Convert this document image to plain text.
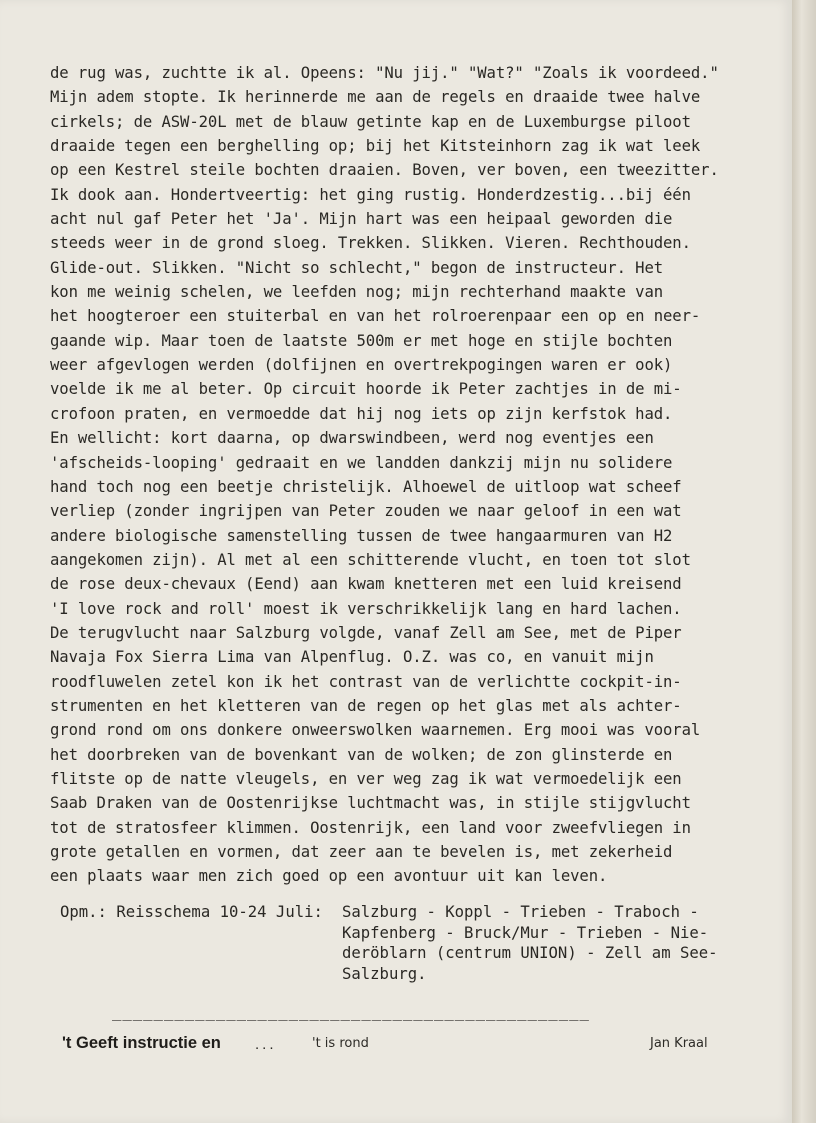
de rug was, zuchtte ik al. Opeens: "Nu jij." "Wat?" "Zoals ik voordeed."
Mijn adem stopte. Ik herinnerde me aan de regels en draaide twee halve
cirkels; de ASW-20L met de blauw getinte kap en de Luxemburgse piloot
draaide tegen een berghelling op; bij het Kitsteinhorn zag ik wat leek
op een Kestrel steile bochten draaien. Boven, ver boven, een tweezitter.
Ik dook aan. Hondertveertig: het ging rustig. Honderdzestig...bij één
acht nul gaf Peter het 'Ja'. Mijn hart was een heipaal geworden die
steeds weer in de grond sloeg. Trekken. Slikken. Vieren. Rechthouden.
Glide-out. Slikken. "Nicht so schlecht," begon de instructeur. Het
kon me weinig schelen, we leefden nog; mijn rechterhand maakte van
het hoogteroer een stuiterbal en van het rolroerenpaar een op en neer-
gaande wip. Maar toen de laatste 500m er met hoge en stijle bochten
weer afgevlogen werden (dolfijnen en overtrekpogingen waren er ook)
voelde ik me al beter. Op circuit hoorde ik Peter zachtjes in de mi-
crofoon praten, en vermoedde dat hij nog iets op zijn kerfstok had.
En wellicht: kort daarna, op dwarswindbeen, werd nog eventjes een
'afscheids-looping' gedraait en we landden dankzij mijn nu solidere
hand toch nog een beetje christelijk. Alhoewel de uitloop wat scheef
verliep (zonder ingrijpen van Peter zouden we naar geloof in een wat
andere biologische samenstelling tussen de twee hangaarmuren van H2
aangekomen zijn). Al met al een schitterende vlucht, en toen tot slot
de rose deux-chevaux (Eend) aan kwam knetteren met een luid kreisend
'I love rock and roll' moest ik verschrikkelijk lang en hard lachen.
De terugvlucht naar Salzburg volgde, vanaf Zell am See, met de Piper
Navaja Fox Sierra Lima van Alpenflug. O.Z. was co, en vanuit mijn
roodfluwelen zetel kon ik het contrast van de verlichtte cockpit-in-
strumenten en het kletteren van de regen op het glas met als achter-
grond rond om ons donkere onweerswolken waarnemen. Erg mooi was vooral
het doorbreken van de bovenkant van de wolken; de zon glinsterde en
flitste op de natte vleugels, en ver weg zag ik wat vermoedelijk een
Saab Draken van de Oostenrijkse luchtmacht was, in stijle stijgvlucht
tot de stratosfeer klimmen. Oostenrijk, een land voor zweefvliegen in
grote getallen en vormen, dat zeer aan te bevelen is, met zekerheid
een plaats waar men zich goed op een avontuur uit kan leven.
Opm.: Reisschema 10-24 Juli:	Salzburg - Koppl - Trieben - Traboch -
Kapfenberg - Bruck/Mur - Trieben - Nie-
deröblarn (centrum UNION) - Zell am See-
Salzburg.
______________________________________________
't Geeft instructie en ...	't is rond	Jan Kraal
